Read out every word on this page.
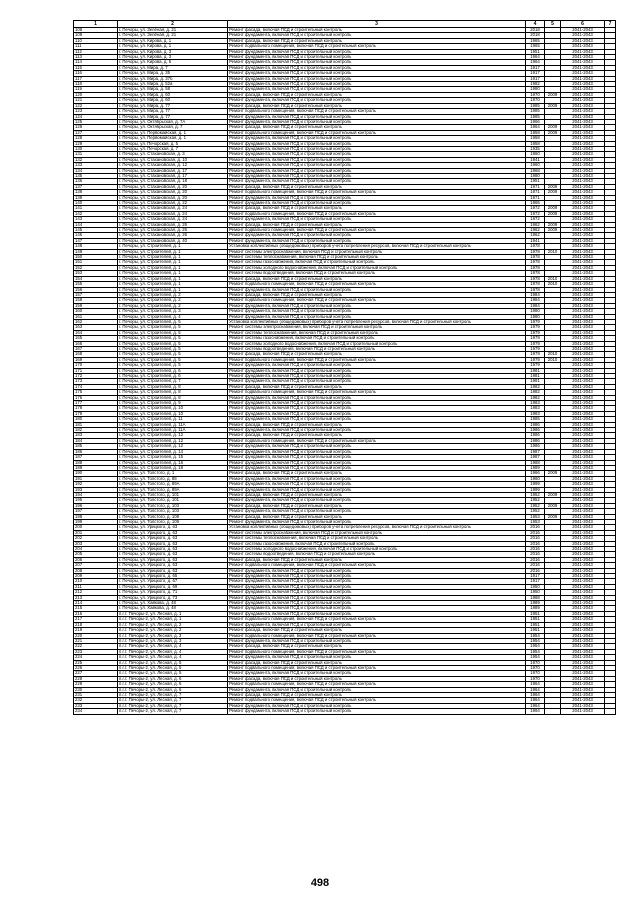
1	2	3	4	5	6	7
108	г. Печоры, ул. Зелёная, д. 21	Ремонт фасада, включая ПСД и строительный контроль	2018		2041-2043	
109	г. Печоры, ул. Зелёная, д. 21	Ремонт фундамента, включая ПСД и строительный контроль	2018		2041-2043	
110	г. Печоры, ул. Кирова, д. 1	Ремонт фасада, включая ПСД и строительный контроль	1965		2041-2043	
111	г. Печоры, ул. Кирова, д. 1	Ремонт подвального помещения, включая ПСД и строительный контроль	1965		2041-2043	
112	г. Печоры, ул. Кирова, д. 3	Ремонт фундамента, включая ПСД и строительный контроль	1951		2041-2043	
113	г. Печоры, ул. Кирова, д. 3	Ремонт фундамента, включая ПСД и строительный контроль	1964		2041-2043	
114	г. Печоры, ул. Кирова, д. 5	Ремонт фундамента, включая ПСД и строительный контроль	1964		2041-2043	
115	г. Печоры, ул. Мира, д. 7	Ремонт фундамента, включая ПСД и строительный контроль	1917		2041-2043	
116	г. Печоры, ул. Мира, д. 35	Ремонт фундамента, включая ПСД и строительный контроль	1917		2041-2043	
117	г. Печоры, ул. Мира, д. 37б	Ремонт фундамента, включая ПСД и строительный контроль	1917		2041-2043	
118	г. Печоры, ул. Мира, д. 52а	Ремонт фундамента, включая ПСД и строительный контроль	1982		2041-2043	
119	г. Печоры, ул. Мира, д. 58	Ремонт фундамента, включая ПСД и строительный контроль	1980		2041-2043	
120	г. Печоры, ул. Мира, д. 60	Ремонт фасада, включая ПСД и строительный контроль	1970	2009	2041-2043	
121	г. Печоры, ул. Мира, д. 60	Ремонт фундамента, включая ПСД и строительный контроль	1970		2041-2043	
122	г. Печоры, ул. Мира, д. 77	Ремонт фасада, включая ПСД и строительный контроль	1985	2009	2041-2043	
123	г. Печоры, ул. Мира, д. 77	Ремонт подвального помещения, включая ПСД и строительный контроль	1985		2041-2043	
124	г. Печоры, ул. Мира, д. 77	Ремонт фундамента, включая ПСД и строительный контроль	1985		2041-2043	
125	г. Печоры, ул. Октябрьская, д. 7А	Ремонт фундамента, включая ПСД и строительный контроль	1966		2041-2043	
126	г. Печоры, ул. Октябрьская, д. 7	Ремонт фасада, включая ПСД и строительный контроль	1964	2009	2041-2043	
127	г. Печоры, ул. Первомайская, д. 1	Ремонт подвального помещения, включая ПСД и строительный контроль	1958	2009	2041-2043	
128	г. Печоры, ул. Первомайская, д. 1	Ремонт фундамента, включая ПСД и строительный контроль	1958		2041-2043	
129	г. Печоры, ул. Печорская, д. 5	Ремонт фундамента, включая ПСД и строительный контроль	1958		2041-2043	
130	г. Печоры, ул. Печорская, д. 7	Ремонт фундамента, включая ПСД и строительный контроль	1935		2041-2043	
131	г. Печоры, ул. Стахановская, д. 3	Ремонт фундамента, включая ПСД и строительный контроль	1960		2041-2043	
132	г. Печоры, ул. Стахановская, д. 10	Ремонт фундамента, включая ПСД и строительный контроль	1941		2041-2043	
133	г. Печоры, ул. Стахановская, д. 12	Ремонт фундамента, включая ПСД и строительный контроль	1960		2041-2043	
134	г. Печоры, ул. Стахановская, д. 17	Ремонт фундамента, включая ПСД и строительный контроль	1968		2041-2043	
135	г. Печоры, ул. Стахановская, д. 17	Ремонт фундамента, включая ПСД и строительный контроль	1980		2041-2043	
136	г. Печоры, ул. Стахановская, д. 18	Ремонт фундамента, включая ПСД и строительный контроль	1951		2041-2043	
137	г. Печоры, ул. Стахановская, д. 20	Ремонт фасада, включая ПСД и строительный контроль	1971	2009	2041-2043	
138	г. Печоры, ул. Стахановская, д. 20	Ремонт подвального помещения, включая ПСД и строительный контроль	1971	2009	2041-2043	
139	г. Печоры, ул. Стахановская, д. 20	Ремонт фундамента, включая ПСД и строительный контроль	1971		2041-2043	
140	г. Печоры, ул. Стахановская, д. 22	Ремонт фундамента, включая ПСД и строительный контроль	1965		2041-2043	
141	г. Печоры, ул. Стахановская, д. 24	Ремонт фасада, включая ПСД и строительный контроль	1972	2009	2041-2043	
142	г. Печоры, ул. Стахановская, д. 24	Ремонт подвального помещения, включая ПСД и строительный контроль	1972	2009	2041-2043	
143	г. Печоры, ул. Стахановская, д. 24	Ремонт фундамента, включая ПСД и строительный контроль	1972		2041-2043	
144	г. Печоры, ул. Стахановская, д. 26	Ремонт фасада, включая ПСД и строительный контроль	1962	2009	2041-2043	
145	г. Печоры, ул. Стахановская, д. 26	Ремонт подвального помещения, включая ПСД и строительный контроль	1962	2009	2041-2043	
146	г. Печоры, ул. Стахановская, д. 26	Ремонт фундамента, включая ПСД и строительный контроль	1962		2041-2043	
147	г. Печоры, ул. Стахановская, д. 40	Ремонт фундамента, включая ПСД и строительный контроль	1941		2041-2043	
148	г. Печоры, ул. Строителей, д. 1	Установка коллективных (общедомовых) приборов учета потребления ресурсов, включая ПСД и строительный контроль	1978		2041-2043	
149	г. Печоры, ул. Строителей, д. 1	Ремонт системы электроснабжения, включая ПСД и строительный контроль	1978	2010	2041-2043	
150	г. Печоры, ул. Строителей, д. 1	Ремонт системы теплоснабжения, включая ПСД и строительный контроль	1978		2041-2043	
151	г. Печоры, ул. Строителей, д. 1	Ремонт системы газоснабжения, включая ПСД и строительный контроль	1978		2041-2043	
152	г. Печоры, ул. Строителей, д. 1	Ремонт системы холодного водоснабжения, включая ПСД и строительный контроль	1978		2041-2043	
153	г. Печоры, ул. Строителей, д. 1	Ремонт системы водоотведения, включая ПСД и строительный контроль	1978		2041-2043	
154	г. Печоры, ул. Строителей, д. 1	Ремонт фасада, включая ПСД и строительный контроль	1978	2010	2041-2043	
155	г. Печоры, ул. Строителей, д. 1	Ремонт подвального помещения, включая ПСД и строительный контроль	1978	2010	2041-2043	
156	г. Печоры, ул. Строителей, д. 1	Ремонт фундамента, включая ПСД и строительный контроль	1978		2041-2043	
157	г. Печоры, ул. Строителей, д. 2	Ремонт фасада, включая ПСД и строительный контроль	1984		2041-2043	
158	г. Печоры, ул. Строителей, д. 2	Ремонт подвального помещения, включая ПСД и строительный контроль	1984		2041-2043	
159	г. Печоры, ул. Строителей, д. 2	Ремонт фундамента, включая ПСД и строительный контроль	1984		2041-2043	
160	г. Печоры, ул. Строителей, д. 3	Ремонт фундамента, включая ПСД и строительный контроль	1980		2041-2043	
161	г. Печоры, ул. Строителей, д. 4	Ремонт фундамента, включая ПСД и строительный контроль	1980		2041-2043	
162	г. Печоры, ул. Строителей, д. 5	Установка коллективных (общедомовых) приборов учета потребления ресурсов, включая ПСД и строительный контроль	1979		2041-2043	
163	г. Печоры, ул. Строителей, д. 5	Ремонт системы электроснабжения, включая ПСД и строительный контроль	1979		2041-2043	
164	г. Печоры, ул. Строителей, д. 5	Ремонт системы теплоснабжения, включая ПСД и строительный контроль	1979		2041-2043	
165	г. Печоры, ул. Строителей, д. 5	Ремонт системы газоснабжения, включая ПСД и строительный контроль	1979		2041-2043	
166	г. Печоры, ул. Строителей, д. 5	Ремонт системы холодного водоснабжения, включая ПСД и строительный контроль	1979		2041-2043	
167	г. Печоры, ул. Строителей, д. 5	Ремонт системы водоотведения, включая ПСД и строительный контроль	1979		2041-2043	
168	г. Печоры, ул. Строителей, д. 5	Ремонт фасада, включая ПСД и строительный контроль	1979	2010	2041-2043	
169	г. Печоры, ул. Строителей, д. 5	Ремонт подвального помещения, включая ПСД и строительный контроль	1979	2010	2041-2043	
170	г. Печоры, ул. Строителей, д. 5	Ремонт фундамента, включая ПСД и строительный контроль	1979		2041-2043	
171	г. Печоры, ул. Строителей, д. 6	Ремонт фундамента, включая ПСД и строительный контроль	1981		2041-2043	
172	г. Печоры, ул. Строителей, д. 6	Ремонт фундамента, включая ПСД и строительный контроль	1981		2041-2043	
173	г. Печоры, ул. Строителей, д. 7	Ремонт фундамента, включая ПСД и строительный контроль	1981		2041-2043	
174	г. Печоры, ул. Строителей, д. 8	Ремонт фасада, включая ПСД и строительный контроль	1982		2041-2043	
175	г. Печоры, ул. Строителей, д. 8	Ремонт подвального помещения, включая ПСД и строительный контроль	1982		2041-2043	
176	г. Печоры, ул. Строителей, д. 8	Ремонт фундамента, включая ПСД и строительный контроль	1982		2041-2043	
177	г. Печоры, ул. Строителей, д. 9	Ремонт фундамента, включая ПСД и строительный контроль	1983		2041-2043	
178	г. Печоры, ул. Строителей, д. 10	Ремонт фундамента, включая ПСД и строительный контроль	1983		2041-2043	
179	г. Печоры, ул. Строителей, д. 10	Ремонт фундамента, включая ПСД и строительный контроль	1983		2041-2043	
180	г. Печоры, ул. Строителей, д. 11	Ремонт фундамента, включая ПСД и строительный контроль	1985		2041-2043	
181	г. Печоры, ул. Строителей, д. 11А	Ремонт фасада, включая ПСД и строительный контроль	1986		2041-2043	
182	г. Печоры, ул. Строителей, д. 11А	Ремонт фундамента, включая ПСД и строительный контроль	1986		2041-2043	
183	г. Печоры, ул. Строителей, д. 12	Ремонт фасада, включая ПСД и строительный контроль	1986		2041-2043	
184	г. Печоры, ул. Строителей, д. 12	Ремонт подвального помещения, включая ПСД и строительный контроль	1986		2041-2043	
185	г. Печоры, ул. Строителей, д. 12	Ремонт фундамента, включая ПСД и строительный контроль	1986		2041-2043	
186	г. Печоры, ул. Строителей, д. 14	Ремонт фундамента, включая ПСД и строительный контроль	1987		2041-2043	
187	г. Печоры, ул. Строителей, д. 15	Ремонт фундамента, включая ПСД и строительный контроль	1987		2041-2043	
188	г. Печоры, ул. Строителей, д. 16	Ремонт фундамента, включая ПСД и строительный контроль	1988		2041-2043	
189	г. Печоры, ул. Строителей, д. 18	Ремонт фундамента, включая ПСД и строительный контроль	1989		2041-2043	
190	г. Печоры, ул. Толстого, д. 1	Ремонт фасада, включая ПСД и строительный контроль	1966	2009	2041-2043	
191	г. Печоры, ул. Толстого, д. 88	Ремонт фундамента, включая ПСД и строительный контроль	1960		2041-2043	
192	г. Печоры, ул. Толстого, д. 89А	Ремонт фундамента, включая ПСД и строительный контроль	1999		2041-2043	
193	г. Печоры, ул. Толстого, д. 89А	Ремонт фундамента, включая ПСД и строительный контроль	1999		2041-2043	
194	г. Печоры, ул. Толстого, д. 101	Ремонт фасада, включая ПСД и строительный контроль	1952	2009	2041-2043	
195	г. Печоры, ул. Толстого, д. 101	Ремонт фундамента, включая ПСД и строительный контроль	1952		2041-2043	
196	г. Печоры, ул. Толстого, д. 103	Ремонт фасада, включая ПСД и строительный контроль	1952	2009	2041-2043	
197	г. Печоры, ул. Толстого, д. 103	Ремонт фундамента, включая ПСД и строительный контроль	1952		2041-2043	
198	г. Печоры, ул. Толстого, д. 109	Ремонт фасада, включая ПСД и строительный контроль	1953	2009	2041-2043	
199	г. Печоры, ул. Толстого, д. 109	Ремонт фундамента, включая ПСД и строительный контроль	1953		2041-2043	
200	г. Печоры, ул. Урицкого, д. 63	Установка коллективных (общедомовых) приборов учета потребления ресурсов, включая ПСД и строительный контроль	2016		2041-2043	
201	г. Печоры, ул. Урицкого, д. 63	Ремонт системы электроснабжения, включая ПСД и строительный контроль	2016		2041-2043	
202	г. Печоры, ул. Урицкого, д. 63	Ремонт системы теплоснабжения, включая ПСД и строительный контроль	2016		2041-2043	
203	г. Печоры, ул. Урицкого, д. 63	Ремонт системы газоснабжения, включая ПСД и строительный контроль	2016		2041-2043	
204	г. Печоры, ул. Урицкого, д. 63	Ремонт системы холодного водоснабжения, включая ПСД и строительный контроль	2016		2041-2043	
205	г. Печоры, ул. Урицкого, д. 63	Ремонт системы водоотведения, включая ПСД и строительный контроль	2016		2041-2043	
206	г. Печоры, ул. Урицкого, д. 63	Ремонт фасада, включая ПСД и строительный контроль	2016		2041-2043	
207	г. Печоры, ул. Урицкого, д. 63	Ремонт подвального помещения, включая ПСД и строительный контроль	2016		2041-2043	
208	г. Печоры, ул. Урицкого, д. 63	Ремонт фундамента, включая ПСД и строительный контроль	2016		2041-2043	
209	г. Печоры, ул. Урицкого, д. 65	Ремонт фундамента, включая ПСД и строительный контроль	1917		2041-2043	
210	г. Печоры, ул. Урицкого, д. 67	Ремонт фундамента, включая ПСД и строительный контроль	1917		2041-2043	
211	г. Печоры, ул. Урицкого, д. 69	Ремонт фундамента, включая ПСД и строительный контроль	1950		2041-2043	
212	г. Печоры, ул. Урицкого, д. 71	Ремонт фундамента, включая ПСД и строительный контроль	1950		2041-2043	
213	г. Печоры, ул. Урицкого, д. 73	Ремонт фундамента, включая ПСД и строительный контроль	1988		2041-2043	
214	г. Печоры, ул. Хайкова, д. 48	Ремонт фундамента, включая ПСД и строительный контроль	1989		2041-2043	
215	г. Печоры, ул. Хайкова, д. 48	Ремонт фундамента, включая ПСД и строительный контроль	1989		2041-2043	
216	п.г.т. Печоры-2, ул. Лесная, д. 1	Ремонт фундамента, включая ПСД и строительный контроль	1951		2041-2043	
217	п.г.т. Печоры-2, ул. Лесная, д. 1	Ремонт подвального помещения, включая ПСД и строительный контроль	1951		2041-2043	
218	п.г.т. Печоры-2, ул. Лесная, д. 2	Ремонт фундамента, включая ПСД и строительный контроль	1951		2041-2043	
219	п.г.т. Печоры-2, ул. Лесная, д. 2	Ремонт фасада, включая ПСД и строительный контроль	1951		2041-2043	
220	п.г.т. Печоры-2, ул. Лесная, д. 3	Ремонт подвального помещения, включая ПСД и строительный контроль	1954		2041-2043	
221	п.г.т. Печоры-2, ул. Лесная, д. 3	Ремонт фундамента, включая ПСД и строительный контроль	1954		2041-2043	
222	п.г.т. Печоры-2, ул. Лесная, д. 4	Ремонт фасада, включая ПСД и строительный контроль	1954		2041-2043	
223	п.г.т. Печоры-2, ул. Лесная, д. 4	Ремонт подвального помещения, включая ПСД и строительный контроль	1954		2041-2043	
224	п.г.т. Печоры-2, ул. Лесная, д. 4	Ремонт фундамента, включая ПСД и строительный контроль	1954		2041-2043	
225	п.г.т. Печоры-2, ул. Лесная, д. 5	Ремонт фасада, включая ПСД и строительный контроль	1970		2041-2043	
226	п.г.т. Печоры-2, ул. Лесная, д. 5	Ремонт подвального помещения, включая ПСД и строительный контроль	1970		2041-2043	
227	п.г.т. Печоры-2, ул. Лесная, д. 5	Ремонт фундамента, включая ПСД и строительный контроль	1970		2041-2043	
228	п.г.т. Печоры-2, ул. Лесная, д. 6	Ремонт фасада, включая ПСД и строительный контроль	1970		2041-2043	
229	п.г.т. Печоры-2, ул. Лесная, д. 6	Ремонт подвального помещения, включая ПСД и строительный контроль	1964		2041-2043	
230	п.г.т. Печоры-2, ул. Лесная, д. 6	Ремонт фундамента, включая ПСД и строительный контроль	1964		2041-2043	
231	п.г.т. Печоры-2, ул. Лесная, д. 7	Ремонт фасада, включая ПСД и строительный контроль	1964		2041-2043	
232	п.г.т. Печоры-2, ул. Лесная, д. 7	Ремонт подвального помещения, включая ПСД и строительный контроль	1964		2041-2043	
233	п.г.т. Печоры-2, ул. Лесная, д. 7	Ремонт фундамента, включая ПСД и строительный контроль	1964		2041-2043	
234	п.г.т. Печоры-2, ул. Лесная, д. 7	Ремонт фундамента, включая ПСД и строительный контроль	1994		2041-2043	
498
